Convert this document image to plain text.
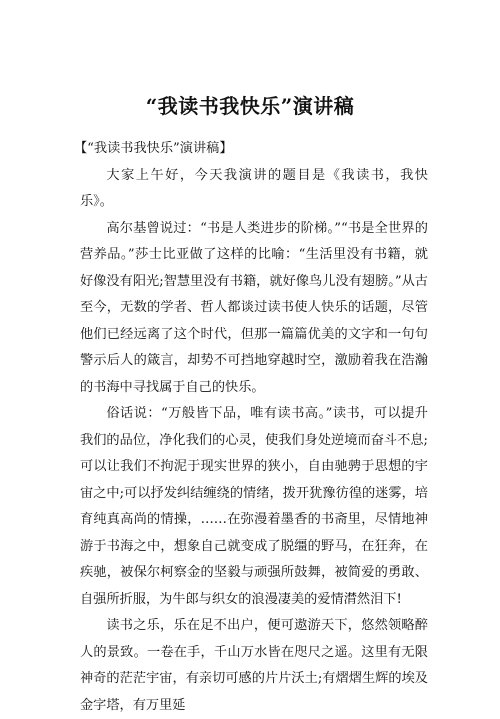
“我读书我快乐”演讲稿

【“我读书我快乐”演讲稿】

大家上午好，今天我演讲的题目是《我读书，我快乐》。

高尔基曾说过：“书是人类进步的阶梯。”“书是全世界的营养品。”莎士比亚做了这样的比喻：“生活里没有书籍，就好像没有阳光;智慧里没有书籍，就好像鸟儿没有翅膀。”从古至今，无数的学者、哲人都谈过读书使人快乐的话题，尽管他们已经远离了这个时代，但那一篇篇优美的文字和一句句警示后人的箴言，却势不可挡地穿越时空，激励着我在浩瀚的书海中寻找属于自己的快乐。

俗话说：“万般皆下品，唯有读书高。”读书，可以提升我们的品位，净化我们的心灵，使我们身处逆境而奋斗不息;可以让我们不拘泥于现实世界的狭小，自由驰骋于思想的宇宙之中;可以抒发纠结缠绕的情绪，拨开犹豫彷徨的迷雾，培育纯真高尚的情操，……在弥漫着墨香的书斋里，尽情地神游于书海之中，想象自己就变成了脱缰的野马，在狂奔，在疾驰，被保尔柯察金的坚毅与顽强所鼓舞，被简爱的勇敢、自强所折服，为牛郎与织女的浪漫凄美的爱情潸然泪下!

读书之乐，乐在足不出户，便可遨游天下，悠然领略醉人的景致。一卷在手，千山万水皆在咫尺之遥。这里有无限神奇的茫茫宇宙，有亲切可感的片片沃土;有熠熠生辉的埃及金字塔，有万里延
